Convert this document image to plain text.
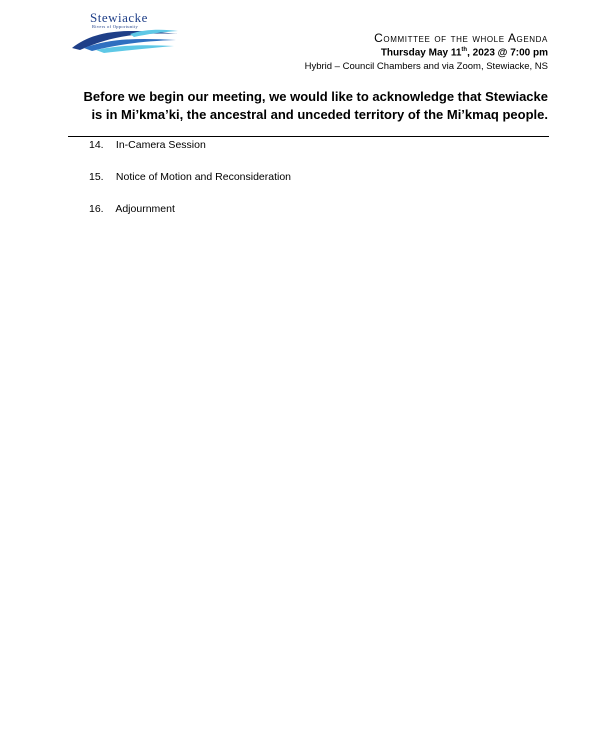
Stewiacke
Rivers of Opportunity
Committee of the whole Agenda
Thursday May 11th, 2023 @ 7:00 pm
Hybrid – Council Chambers and via Zoom, Stewiacke, NS
Before we begin our meeting, we would like to acknowledge that Stewiacke is in Mi’kma’ki, the ancestral and unceded territory of the Mi’kmaq people.
14. In-Camera Session
15. Notice of Motion and Reconsideration
16. Adjournment
